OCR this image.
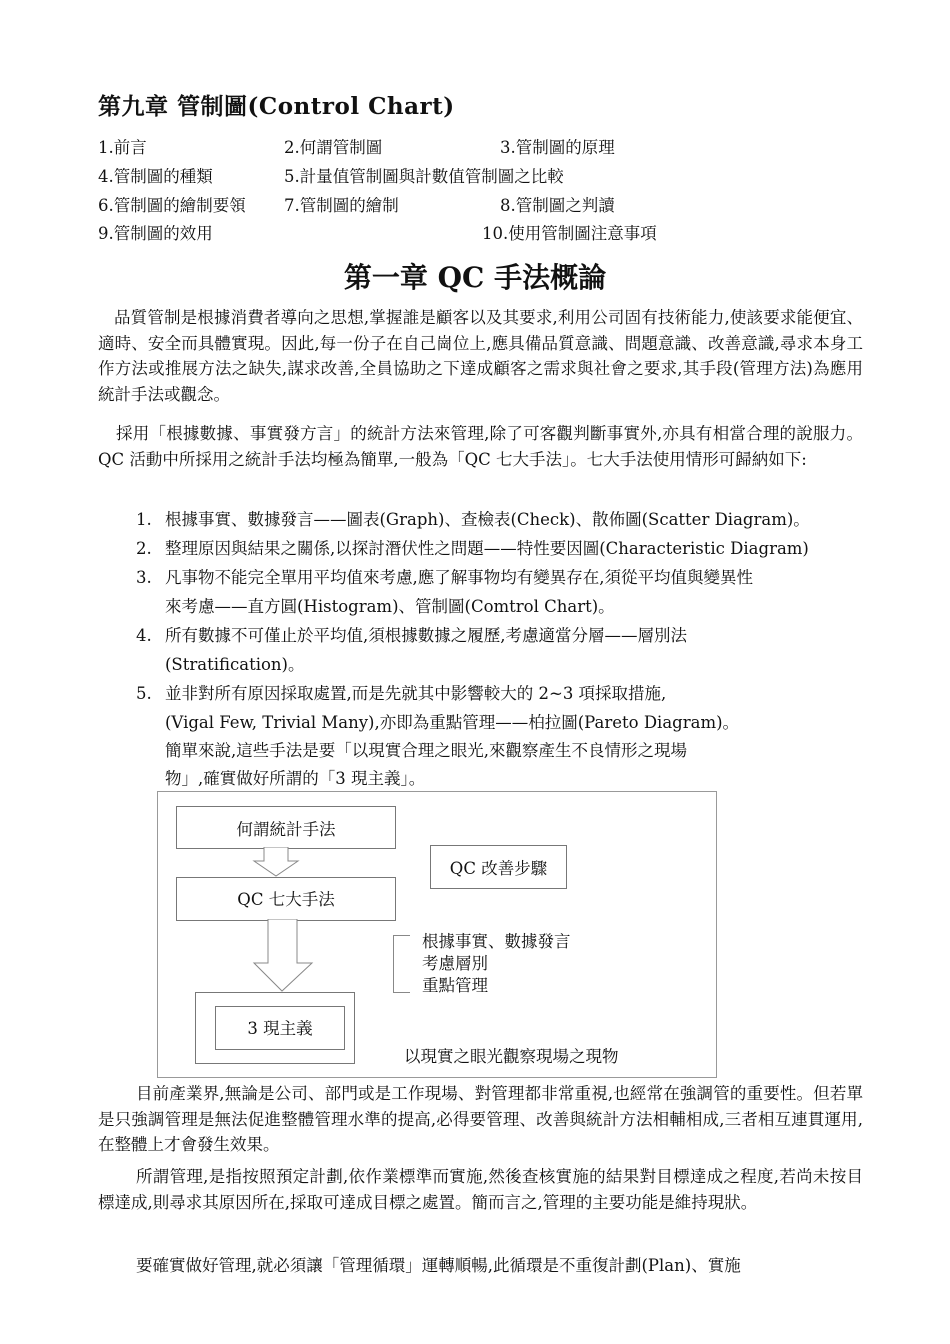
第九章 管制圖(Control Chart)
1.前言	2.何謂管制圖	3.管制圖的原理
4.管制圖的種類	5.計量值管制圖與計數值管制圖之比較
6.管制圖的繪制要領 7.管制圖的繪制	8.管制圖之判讀
9.管制圖的效用	10.使用管制圖注意事項
第一章 QC 手法概論
品質管制是根據消費者導向之思想,掌握誰是顧客以及其要求,利用公司固有技術能力,使該要求能便宜、適時、安全而具體實現。因此,每一份子在自己崗位上,應具備品質意識、問題意識、改善意識,尋求本身工作方法或推展方法之缺失,謀求改善,全員協助之下達成顧客之需求與社會之要求,其手段(管理方法)為應用統計手法或觀念。
採用「根據數據、事實發方言」的統計方法來管理,除了可客觀判斷事實外,亦具有相當合理的說服力。QC 活動中所採用之統計手法均極為簡單,一般為「QC 七大手法」。七大手法使用情形可歸納如下:
1. 根據事實、數據發言——圖表(Graph)、查檢表(Check)、散佈圖(Scatter Diagram)。
2. 整理原因與結果之關係,以探討潛伏性之問題——特性要因圖(Characteristic Diagram)
3. 凡事物不能完全單用平均值來考慮,應了解事物均有變異存在,須從平均值與變異性
來考慮——直方圓(Histogram)、管制圖(Comtrol Chart)。
4. 所有數據不可僅止於平均值,須根據數據之履歷,考慮適當分層——層別法
(Stratification)。
5. 並非對所有原因採取處置,而是先就其中影響較大的 2~3 項採取措施,
(Vigal Few, Trivial Many),亦即為重點管理——柏拉圖(Pareto Diagram)。
簡單來說,這些手法是要「以現實合理之眼光,來觀察產生不良情形之現場
物」,確實做好所謂的「3 現主義」。
何謂統計手法
QC 七大手法
3 現主義
QC 改善步驟
根據事實、數據發言
考慮層別
重點管理
以現實之眼光觀察現場之現物
目前產業界,無論是公司、部門或是工作現場、對管理都非常重視,也經常在強調管的重要性。但若單是只強調管理是無法促進整體管理水準的提高,必得要管理、改善與統計方法相輔相成,三者相互連貫運用,在整體上才會發生效果。
所謂管理,是指按照預定計劃,依作業標準而實施,然後查核實施的結果對目標達成之程度,若尚未按目標達成,則尋求其原因所在,採取可達成目標之處置。簡而言之,管理的主要功能是維持現狀。
要確實做好管理,就必須讓「管理循環」運轉順暢,此循環是不重復計劃(Plan)、實施
